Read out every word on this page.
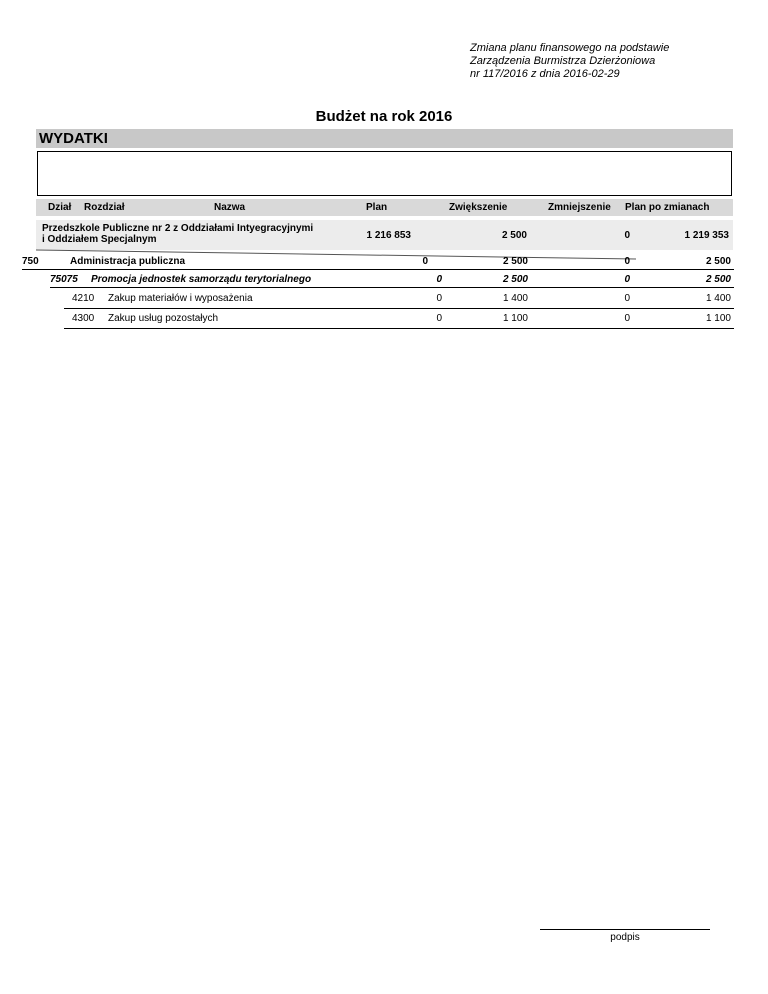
Zmiana planu finansowego na podstawie
Zarządzenia Burmistrza Dzierżoniowa
nr 117/2016 z dnia 2016-02-29
Budżet na rok 2016
WYDATKI
Dział Rozdział	Nazwa	Plan	Zwiększenie	Zmniejszenie Plan po zmianach
Przedszkole Publiczne nr 2 z Oddziałami Intyegracyjnymi
i Oddziałem Specjalnym	1 216 853	2 500	0	1 219 353
750	Administracja publiczna	0	2 500	0	2 500
75075 Promocja jednostek samorządu terytorialnego	0	2 500	0	2 500
4210 Zakup materiałów i wyposażenia	0	1 400	0	1 400
4300 Zakup usług pozostałych	0	1 100	0	1 100
podpis
